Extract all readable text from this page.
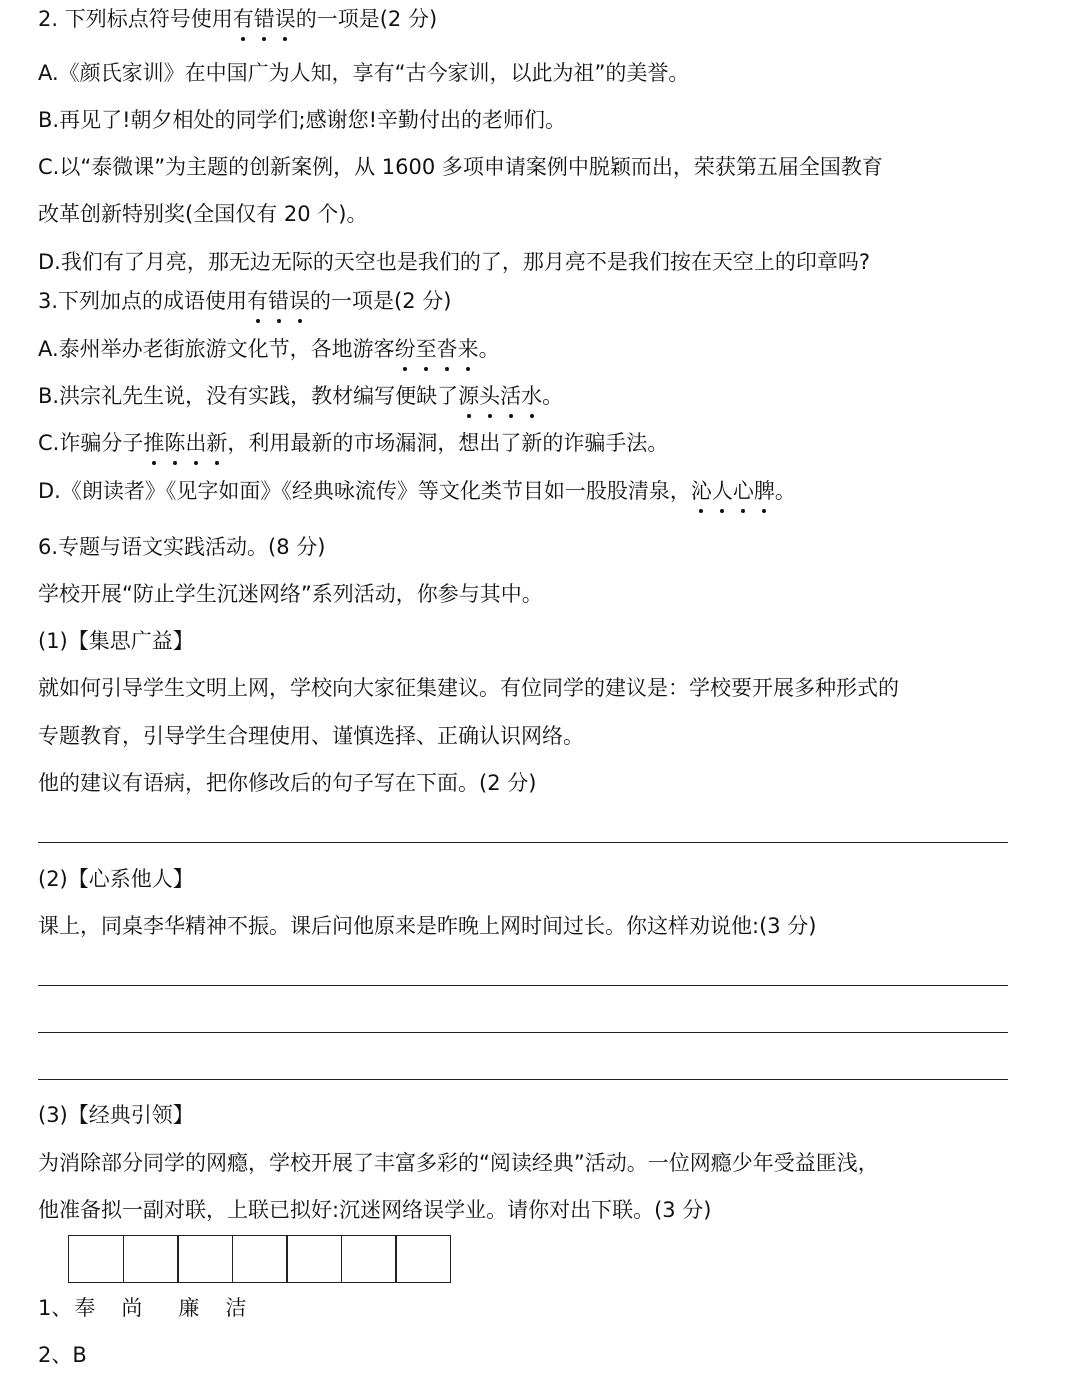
2. 下列标点符号使用有错误的一项是(2 分)
A.《颜氏家训》在中国广为人知，享有“古今家训，以此为祖”的美誉。
B.再见了!朝夕相处的同学们;感谢您!辛勤付出的老师们。
C.以“泰微课”为主题的创新案例，从 1600 多项申请案例中脱颖而出，荣获第五届全国教育
改革创新特别奖(全国仅有 20 个)。
D.我们有了月亮，那无边无际的天空也是我们的了，那月亮不是我们按在天空上的印章吗?
3.下列加点的成语使用有错误的一项是(2 分)
A.泰州举办老街旅游文化节，各地游客纷至沓来。
B.洪宗礼先生说，没有实践，教材编写便缺了源头活水。
C.诈骗分子推陈出新，利用最新的市场漏洞，想出了新的诈骗手法。
D.《朗读者》《见字如面》《经典咏流传》等文化类节目如一股股清泉，沁人心脾。
6.专题与语文实践活动。(8 分)
学校开展“防止学生沉迷网络”系列活动，你参与其中。
(1)【集思广益】
就如何引导学生文明上网，学校向大家征集建议。有位同学的建议是：学校要开展多种形式的
专题教育，引导学生合理使用、谨慎选择、正确认识网络。
他的建议有语病，把你修改后的句子写在下面。(2 分)
(2)【心系他人】
课上，同桌李华精神不振。课后问他原来是昨晚上网时间过长。你这样劝说他:(3 分)
(3)【经典引领】
为消除部分同学的网瘾，学校开展了丰富多彩的“阅读经典”活动。一位网瘾少年受益匪浅，
他准备拟一副对联，上联已拟好:沉迷网络误学业。请你对出下联。(3 分)
1、奉 尚 廉 洁
2、B
